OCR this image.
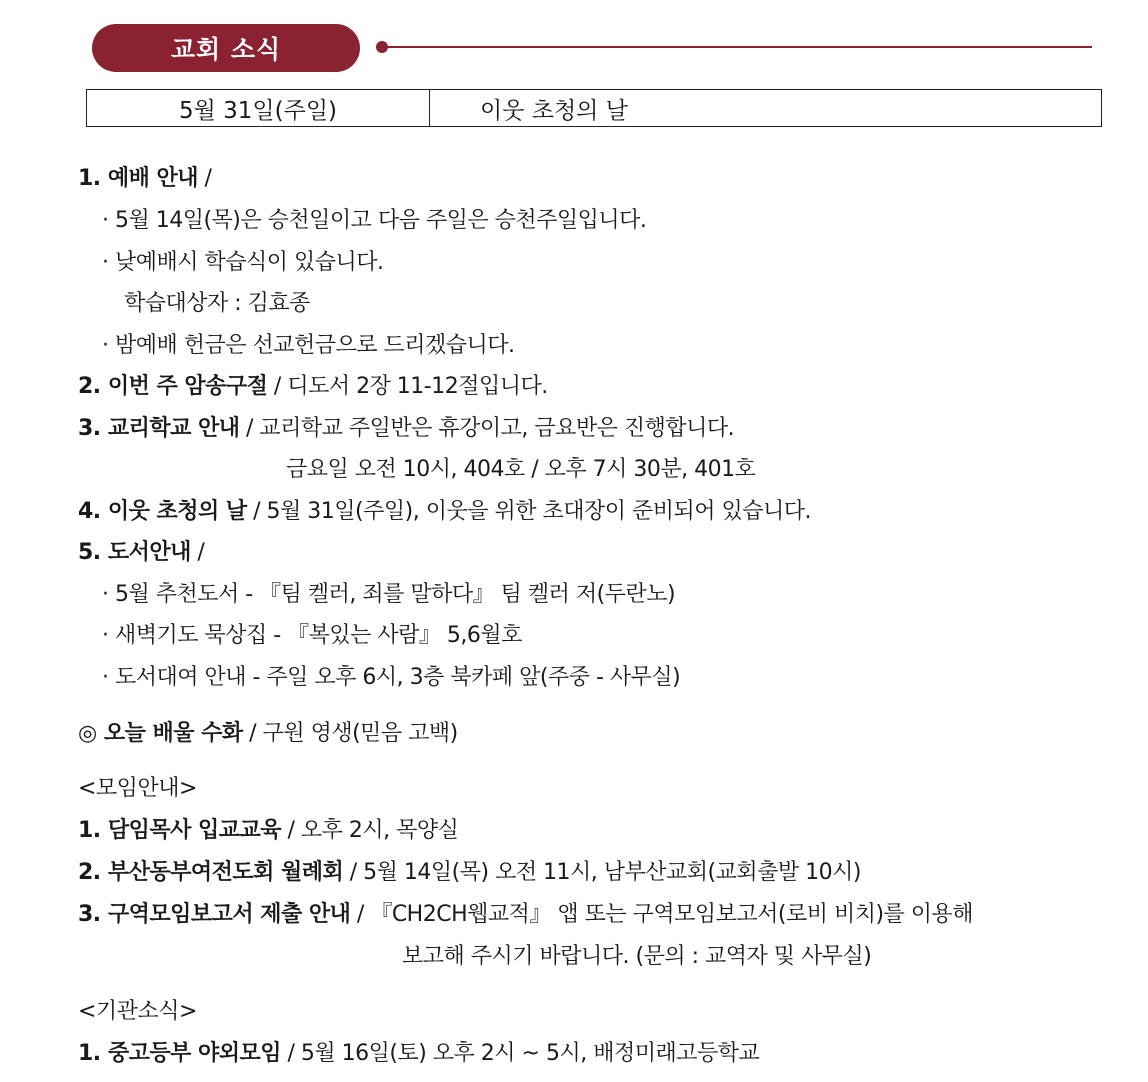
교회 소식
5월 31일(주일)	이웃 초청의 날
1. 예배 안내 /
· 5월 14일(목)은 승천일이고 다음 주일은 승천주일입니다.
· 낮예배시 학습식이 있습니다.
학습대상자 : 김효종
· 밤예배 헌금은 선교헌금으로 드리겠습니다.
2. 이번 주 암송구절 / 디도서 2장 11-12절입니다.
3. 교리학교 안내 / 교리학교 주일반은 휴강이고, 금요반은 진행합니다.
금요일 오전 10시, 404호 / 오후 7시 30분, 401호
4. 이웃 초청의 날 / 5월 31일(주일), 이웃을 위한 초대장이 준비되어 있습니다.
5. 도서안내 /
· 5월 추천도서 - 『팀 켈러, 죄를 말하다』 팀 켈러 저(두란노)
· 새벽기도 묵상집 - 『복있는 사람』 5,6월호
· 도서대여 안내 - 주일 오후 6시, 3층 북카페 앞(주중 - 사무실)
◎ 오늘 배울 수화 / 구원 영생(믿음 고백)
<모임안내>
1. 담임목사 입교교육 / 오후 2시, 목양실
2. 부산동부여전도회 월례회 / 5월 14일(목) 오전 11시, 남부산교회(교회출발 10시)
3. 구역모임보고서 제출 안내 / 『CH2CH웹교적』 앱 또는 구역모임보고서(로비 비치)를 이용해
보고해 주시기 바랍니다. (문의 : 교역자 및 사무실)
<기관소식>
1. 중고등부 야외모임 / 5월 16일(토) 오후 2시 ~ 5시, 배정미래고등학교
